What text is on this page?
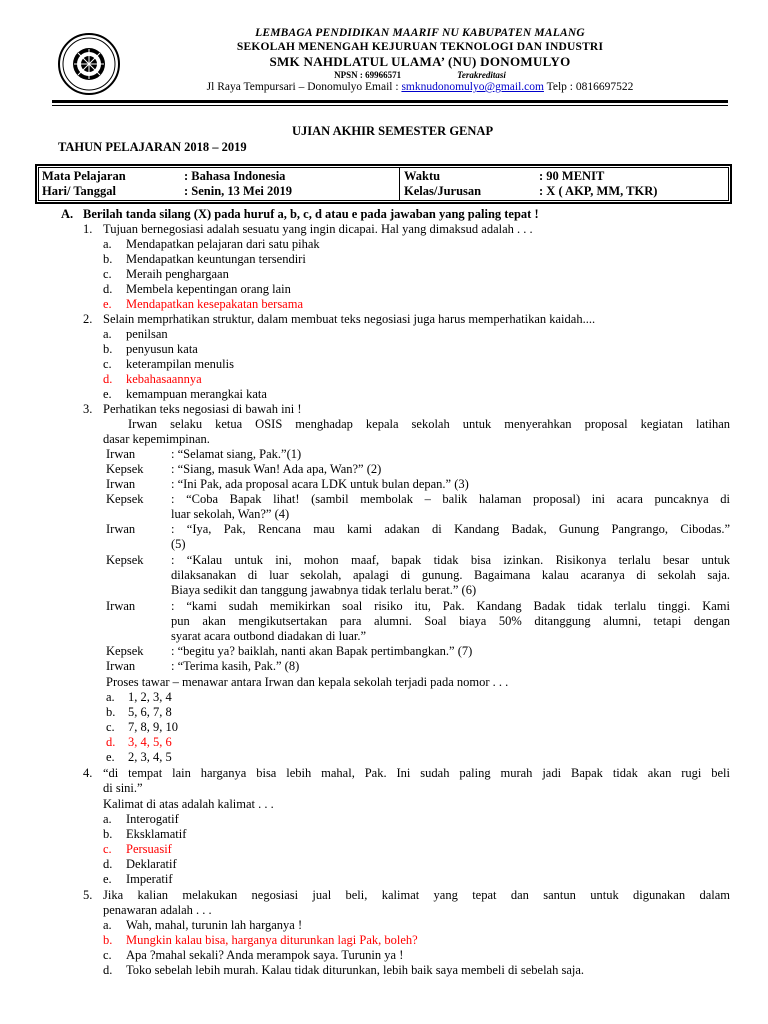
LEMBAGA PENDIDIKAN MAARIF NU KABUPATEN MALANG
SEKOLAH MENENGAH KEJURUAN TEKNOLOGI DAN INDUSTRI
SMK NAHDLATUL ULAMA’ (NU) DONOMULYO
NPSN : 69966571	Terakreditasi
Jl Raya Tempursari – Donomulyo Email : smknudonomulyo@gmail.com Telp : 0816697522
UJIAN AKHIR SEMESTER GENAP
TAHUN PELAJARAN 2018 – 2019
Mata Pelajaran	: Bahasa Indonesia
Hari/ Tanggal	: Senin, 13 Mei 2019
Waktu	: 90 MENIT
Kelas/Jurusan	: X ( AKP, MM, TKR)
A. Berilah tanda silang (X) pada huruf a, b, c, d atau e pada jawaban yang paling tepat !
1. Tujuan bernegosiasi adalah sesuatu yang ingin dicapai. Hal yang dimaksud adalah . . .
a. Mendapatkan pelajaran dari satu pihak
b. Mendapatkan keuntungan tersendiri
c. Meraih penghargaan
d. Membela kepentingan orang lain
e. Mendapatkan kesepakatan bersama
2. Selain memprhatikan struktur, dalam membuat teks negosiasi juga harus memperhatikan kaidah....
a. penilsan
b. penyusun kata
c. keterampilan menulis
d. kebahasaannya
e. kemampuan merangkai kata
3. Perhatikan teks negosiasi di bawah ini !
Irwan selaku ketua OSIS menghadap kepala sekolah untuk menyerahkan proposal kegiatan latihan
dasar kepemimpinan.
Irwan	: “Selamat siang, Pak.”(1)
Kepsek : “Siang, masuk Wan! Ada apa, Wan?” (2)
Irwan	: “Ini Pak, ada proposal acara LDK untuk bulan depan.” (3)
Kepsek : “Coba Bapak lihat! (sambil membolak – balik halaman proposal) ini acara puncaknya di
luar sekolah, Wan?” (4)
Irwan	: “Iya, Pak, Rencana mau kami adakan di Kandang Badak, Gunung Pangrango, Cibodas.”
(5)
Kepsek : “Kalau untuk ini, mohon maaf, bapak tidak bisa izinkan. Risikonya terlalu besar untuk
dilaksanakan di luar sekolah, apalagi di gunung. Bagaimana kalau acaranya di sekolah saja.
Biaya sedikit dan tanggung jawabnya tidak terlalu berat.” (6)
Irwan	: “kami sudah memikirkan soal risiko itu, Pak. Kandang Badak tidak terlalu tinggi. Kami
pun akan mengikutsertakan para alumni. Soal biaya 50% ditanggung alumni, tetapi dengan
syarat acara outbond diadakan di luar.”
Kepsek : “begitu ya? baiklah, nanti akan Bapak pertimbangkan.” (7)
Irwan	: “Terima kasih, Pak.” (8)
Proses tawar – menawar antara Irwan dan kepala sekolah terjadi pada nomor . . .
a. 1, 2, 3, 4
b. 5, 6, 7, 8
c. 7, 8, 9, 10
d. 3, 4, 5, 6
e. 2, 3, 4, 5
4. “di tempat lain harganya bisa lebih mahal, Pak. Ini sudah paling murah jadi Bapak tidak akan rugi beli
di sini.”
Kalimat di atas adalah kalimat . . .
a. Interogatif
b. Eksklamatif
c. Persuasif
d. Deklaratif
e. Imperatif
5. Jika kalian melakukan negosiasi jual beli, kalimat yang tepat dan santun untuk digunakan dalam
penawaran adalah . . .
a. Wah, mahal, turunin lah harganya !
b. Mungkin kalau bisa, harganya diturunkan lagi Pak, boleh?
c. Apa ?mahal sekali? Anda merampok saya. Turunin ya !
d. Toko sebelah lebih murah. Kalau tidak diturunkan, lebih baik saya membeli di sebelah saja.
